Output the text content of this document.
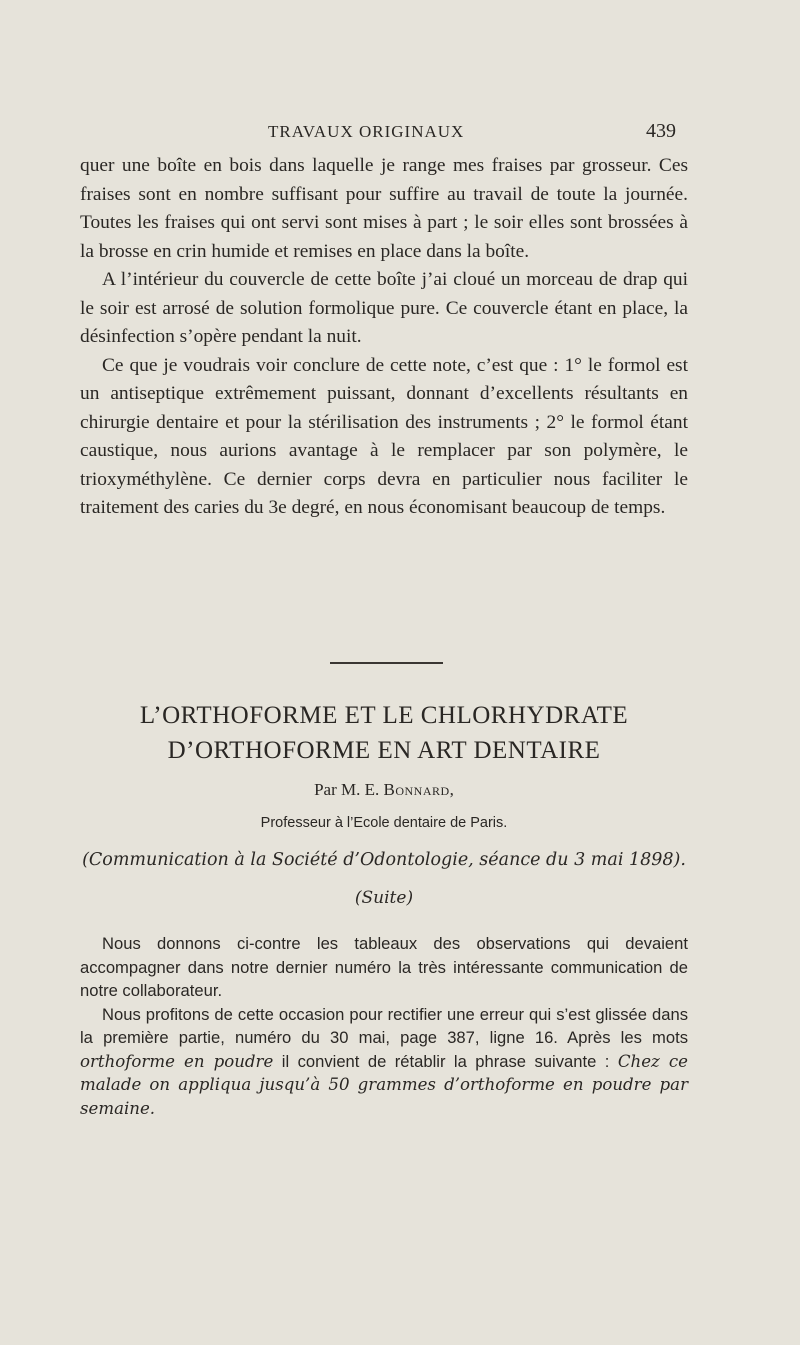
TRAVAUX ORIGINAUX	439

quer une boîte en bois dans laquelle je range mes fraises par grosseur. Ces fraises sont en nombre suffisant pour suffire au travail de toute la journée. Toutes les fraises qui ont servi sont mises à part ; le soir elles sont brossées à la brosse en crin humide et remises en place dans la boîte.

A l’intérieur du couvercle de cette boîte j’ai cloué un morceau de drap qui le soir est arrosé de solution formolique pure. Ce couvercle étant en place, la désinfection s’opère pendant la nuit.

Ce que je voudrais voir conclure de cette note, c’est que : 1° le formol est un antiseptique extrêmement puissant, donnant d’excellents résultants en chirurgie dentaire et pour la stérilisation des instruments ; 2° le formol étant caustique, nous aurions avantage à le remplacer par son polymère, le trioxyméthylène. Ce dernier corps devra en particulier nous faciliter le traitement des caries du 3e degré, en nous économisant beaucoup de temps.

L’ORTHOFORME ET LE CHLORHYDRATE
D’ORTHOFORME EN ART DENTAIRE
Par M. E. Bonnard,
Professeur à l’Ecole dentaire de Paris.
(Communication à la Société d’Odontologie, séance du 3 mai 1898).
(Suite)

Nous donnons ci-contre les tableaux des observations qui devaient accompagner dans notre dernier numéro la très intéressante communication de notre collaborateur.

Nous profitons de cette occasion pour rectifier une erreur qui s’est glissée dans la première partie, numéro du 30 mai, page 387, ligne 16. Après les mots orthoforme en poudre il convient de rétablir la phrase suivante : Chez ce malade on appliqua jusqu’à 50 grammes d’orthoforme en poudre par semaine.
